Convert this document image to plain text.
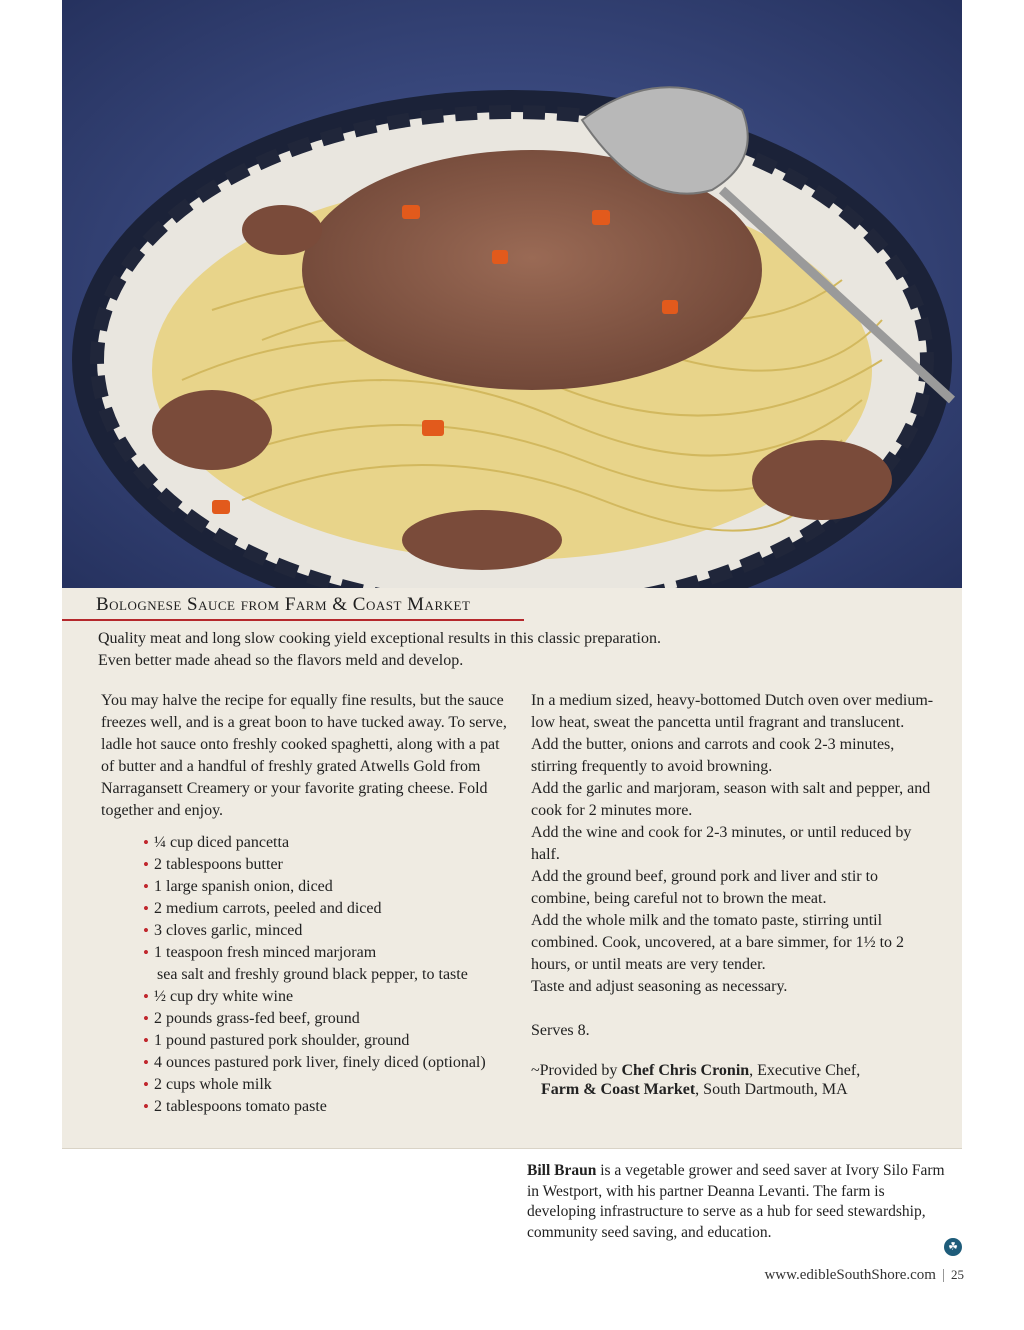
Bolognese Sauce from Farm & Coast Market
Quality meat and long slow cooking yield exceptional results in this classic preparation.
Even better made ahead so the flavors meld and develop.
You may halve the recipe for equally fine results, but the sauce freezes well, and is a great boon to have tucked away. To serve, ladle hot sauce onto freshly cooked spaghetti, along with a pat of butter and a handful of freshly grated Atwells Gold from Narragansett Creamery or your favorite grating cheese. Fold together and enjoy.
• ¼ cup diced pancetta
• 2 tablespoons butter
• 1 large spanish onion, diced
• 2 medium carrots, peeled and diced
• 3 cloves garlic, minced
• 1 teaspoon fresh minced marjoram
sea salt and freshly ground black pepper, to taste
• ½ cup dry white wine
• 2 pounds grass-fed beef, ground
• 1 pound pastured pork shoulder, ground
• 4 ounces pastured pork liver, finely diced (optional)
• 2 cups whole milk
• 2 tablespoons tomato paste

In a medium sized, heavy-bottomed Dutch oven over medium-low heat, sweat the pancetta until fragrant and translucent.

Add the butter, onions and carrots and cook 2-3 minutes, stirring frequently to avoid browning.

Add the garlic and marjoram, season with salt and pepper, and cook for 2 minutes more.

Add the wine and cook for 2-3 minutes, or until reduced by half.

Add the ground beef, ground pork and liver and stir to combine, being careful not to brown the meat.

Add the whole milk and the tomato paste, stirring until combined. Cook, uncovered, at a bare simmer, for 1½ to 2 hours, or until meats are very tender.

Taste and adjust seasoning as necessary.

Serves 8.

~Provided by Chef Chris Cronin, Executive Chef,
Farm & Coast Market, South Dartmouth, MA
Bill Braun is a vegetable grower and seed saver at Ivory Silo Farm in Westport, with his partner Deanna Levanti. The farm is developing infrastructure to serve as a hub for seed stewardship, community seed saving, and education.
☘
www.edibleSouthShore.com | 25
